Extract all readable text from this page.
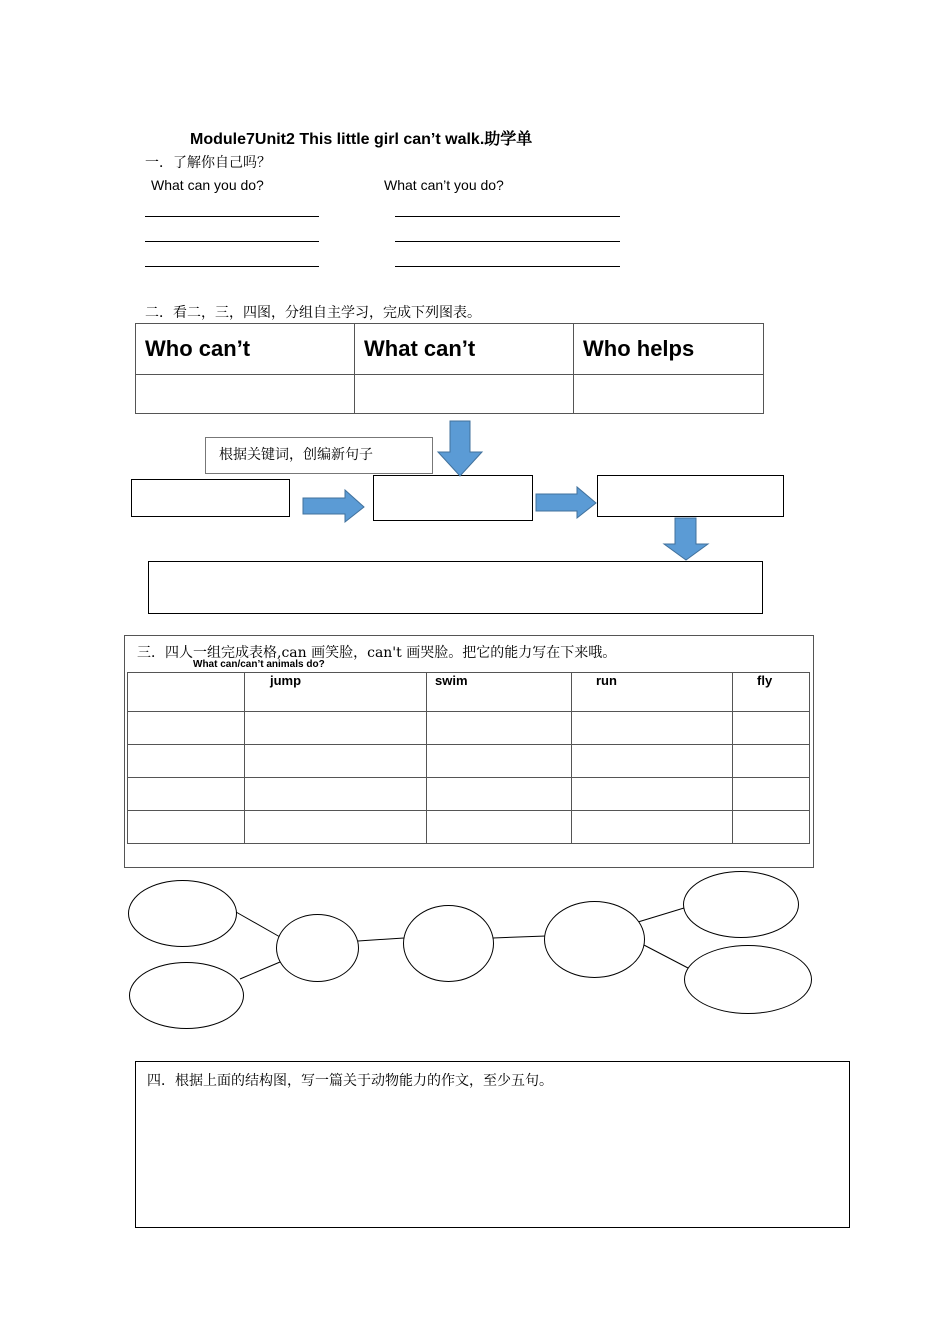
Module7Unit2 This little girl can’t walk.助学单
一．了解你自己吗？
What can you do?	What can’t you do?
二．看二，三，四图，分组自主学习，完成下列图表。
Who can’t	What can’t	Who helps

根据关键词，创编新句子
三．四人一组完成表格,can 画笑脸，can't 画哭脸。把它的能力写在下来哦。
What can/can’t animals do?
	jump	swim	run	fly

四．根据上面的结构图，写一篇关于动物能力的作文，至少五句。
